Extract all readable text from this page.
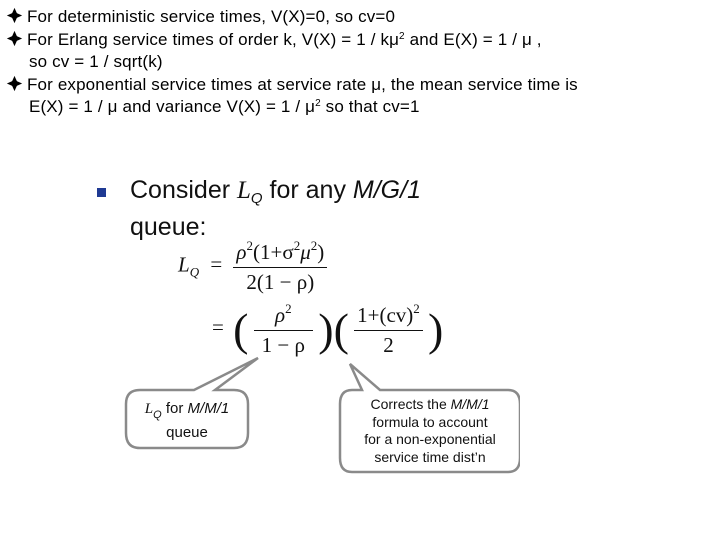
For deterministic service times, V(X)=0, so cv=0
For Erlang service times of order k, $V(X) = 1 / k\mu^2$ and E(X) = 1 / μ ,
so cv = 1 / sqrt(k)
For exponential service times at service rate μ, the mean service time is
E(X) = 1 / μ and variance $V(X) = 1 / \mu^2$ so that cv=1
Consider $L_Q$ for any M/G/1
queue:
$L_Q = \frac{\rho^2(1+\sigma^2\mu^2)}{2(1 - \rho)}$
= ( $\frac{\rho^2}{1 - \rho}$ )( $\frac{1+(cv)^2}{2}$ )
$L_Q$ for M/M/1
queue
Corrects the M/M/1
formula to account
for a non-exponential
service time dist’n
